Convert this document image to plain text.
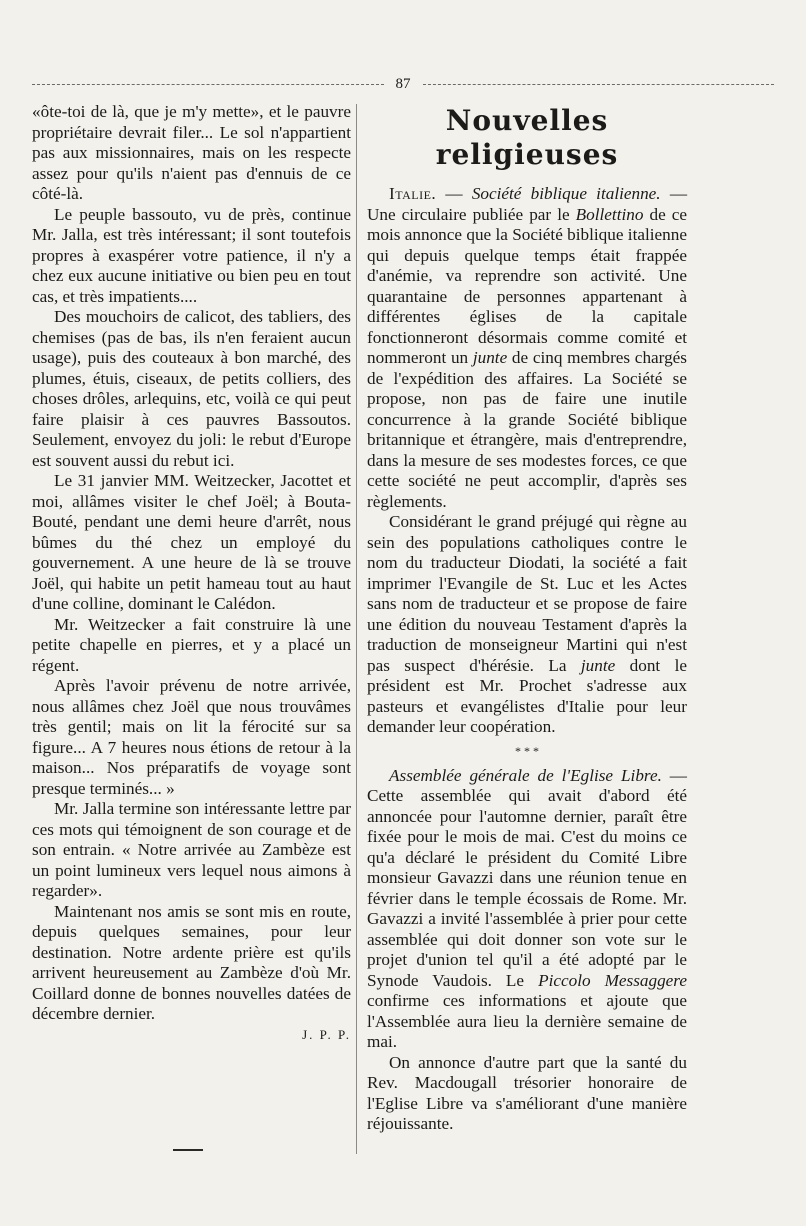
87

«ôte-toi de là, que je m'y mette», et le pauvre propriétaire devrait filer... Le sol n'appartient pas aux missionnaires, mais on les respecte assez pour qu'ils n'aient pas d'ennuis de ce côté-là.

Le peuple bassouto, vu de près, continue Mr. Jalla, est très intéressant; il sont toutefois propres à exaspérer votre patience, il n'y a chez eux aucune initiative ou bien peu en tout cas, et très impatients....

Des mouchoirs de calicot, des tabliers, des chemises (pas de bas, ils n'en feraient aucun usage), puis des couteaux à bon marché, des plumes, étuis, ciseaux, de petits colliers, des choses drôles, arlequins, etc, voilà ce qui peut faire plaisir à ces pauvres Bassoutos. Seulement, envoyez du joli: le rebut d'Europe est souvent aussi du rebut ici.

Le 31 janvier MM. Weitzecker, Jacottet et moi, allâmes visiter le chef Joël; à Bouta-Bouté, pendant une demi heure d'arrêt, nous bûmes du thé chez un employé du gouvernement. A une heure de là se trouve Joël, qui habite un petit hameau tout au haut d'une colline, dominant le Calédon.

Mr. Weitzecker a fait construire là une petite chapelle en pierres, et y a placé un régent.

Après l'avoir prévenu de notre arrivée, nous allâmes chez Joël que nous trouvâmes très gentil; mais on lit la férocité sur sa figure... A 7 heures nous étions de retour à la maison... Nos préparatifs de voyage sont presque terminés... »

Mr. Jalla termine son intéressante lettre par ces mots qui témoignent de son courage et de son entrain. « Notre arrivée au Zambèze est un point lumineux vers lequel nous aimons à regarder».

Maintenant nos amis se sont mis en route, depuis quelques semaines, pour leur destination. Notre ardente prière est qu'ils arrivent heureusement au Zambèze d'où Mr. Coillard donne de bonnes nouvelles datées de décembre dernier.

J. P. P.

Nouvelles religieuses

Italie. — Société biblique italienne. — Une circulaire publiée par le Bollettino de ce mois annonce que la Société biblique italienne qui depuis quelque temps était frappée d'anémie, va reprendre son activité. Une quarantaine de personnes appartenant à différentes églises de la capitale fonctionneront désormais comme comité et nommeront un junte de cinq membres chargés de l'expédition des affaires. La Société se propose, non pas de faire une inutile concurrence à la grande Société biblique britannique et étrangère, mais d'entreprendre, dans la mesure de ses modestes forces, ce que cette société ne peut accomplir, d'après ses règlements.

Considérant le grand préjugé qui règne au sein des populations catholiques contre le nom du traducteur Diodati, la société a fait imprimer l'Evangile de St. Luc et les Actes sans nom de traducteur et se propose de faire une édition du nouveau Testament d'après la traduction de monseigneur Martini qui n'est pas suspect d'hérésie. La junte dont le président est Mr. Prochet s'adresse aux pasteurs et evangélistes d'Italie pour leur demander leur coopération.

* * *

Assemblée générale de l'Eglise Libre. — Cette assemblée qui avait d'abord été annoncée pour l'automne dernier, paraît être fixée pour le mois de mai. C'est du moins ce qu'a déclaré le président du Comité Libre monsieur Gavazzi dans une réunion tenue en février dans le temple écossais de Rome. Mr. Gavazzi a invité l'assemblée à prier pour cette assemblée qui doit donner son vote sur le projet d'union tel qu'il a été adopté par le Synode Vaudois. Le Piccolo Messaggere confirme ces informations et ajoute que l'Assemblée aura lieu la dernière semaine de mai.

On annonce d'autre part que la santé du Rev. Macdougall trésorier honoraire de l'Eglise Libre va s'améliorant d'une manière réjouissante.
